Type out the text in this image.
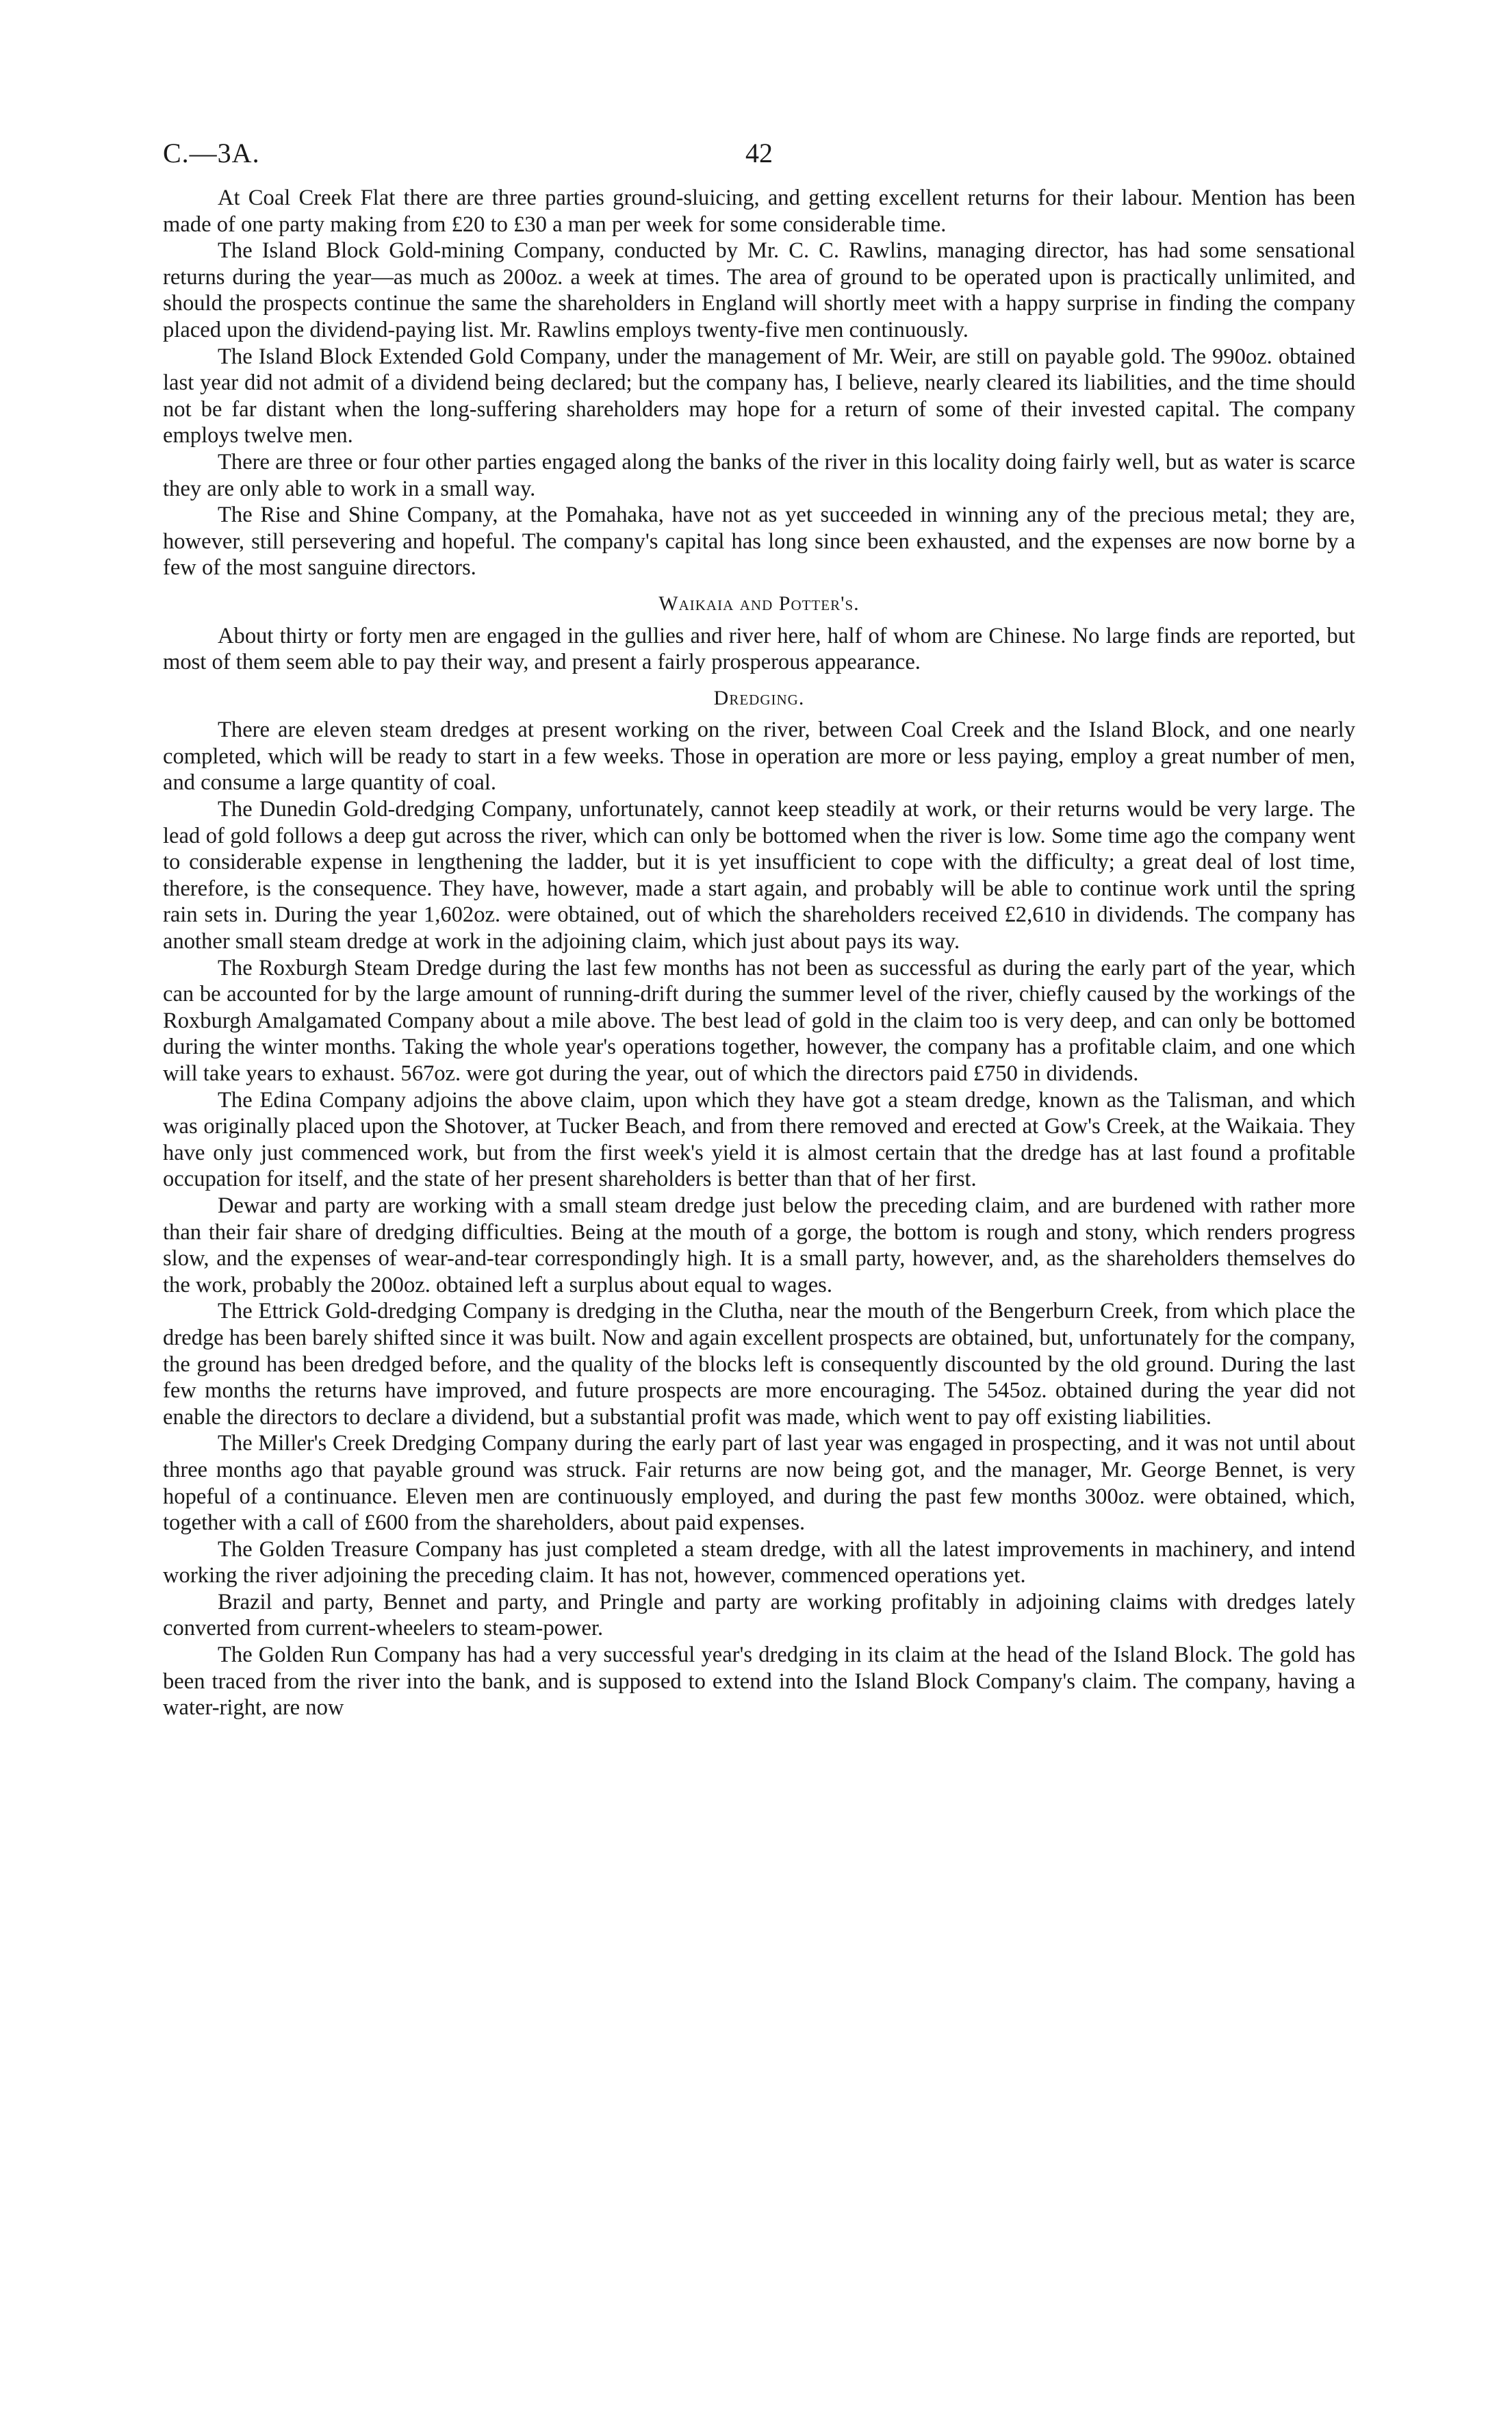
C.—3A.	42

At Coal Creek Flat there are three parties ground-sluicing, and getting excellent returns for their labour. Mention has been made of one party making from £20 to £30 a man per week for some considerable time.

The Island Block Gold-mining Company, conducted by Mr. C. C. Rawlins, managing director, has had some sensational returns during the year—as much as 200oz. a week at times. The area of ground to be operated upon is practically unlimited, and should the prospects continue the same the shareholders in England will shortly meet with a happy surprise in finding the company placed upon the dividend-paying list. Mr. Rawlins employs twenty-five men continuously.

The Island Block Extended Gold Company, under the management of Mr. Weir, are still on payable gold. The 990oz. obtained last year did not admit of a dividend being declared; but the company has, I believe, nearly cleared its liabilities, and the time should not be far distant when the long-suffering shareholders may hope for a return of some of their invested capital. The company employs twelve men.

There are three or four other parties engaged along the banks of the river in this locality doing fairly well, but as water is scarce they are only able to work in a small way.

The Rise and Shine Company, at the Pomahaka, have not as yet succeeded in winning any of the precious metal; they are, however, still persevering and hopeful. The company's capital has long since been exhausted, and the expenses are now borne by a few of the most sanguine directors.

Waikaia and Potter's.

About thirty or forty men are engaged in the gullies and river here, half of whom are Chinese. No large finds are reported, but most of them seem able to pay their way, and present a fairly prosperous appearance.

Dredging.

There are eleven steam dredges at present working on the river, between Coal Creek and the Island Block, and one nearly completed, which will be ready to start in a few weeks. Those in operation are more or less paying, employ a great number of men, and consume a large quantity of coal.

The Dunedin Gold-dredging Company, unfortunately, cannot keep steadily at work, or their returns would be very large. The lead of gold follows a deep gut across the river, which can only be bottomed when the river is low. Some time ago the company went to considerable expense in lengthening the ladder, but it is yet insufficient to cope with the difficulty; a great deal of lost time, therefore, is the consequence. They have, however, made a start again, and probably will be able to continue work until the spring rain sets in. During the year 1,602oz. were obtained, out of which the shareholders received £2,610 in dividends. The company has another small steam dredge at work in the adjoining claim, which just about pays its way.

The Roxburgh Steam Dredge during the last few months has not been as successful as during the early part of the year, which can be accounted for by the large amount of running-drift during the summer level of the river, chiefly caused by the workings of the Roxburgh Amalgamated Company about a mile above. The best lead of gold in the claim too is very deep, and can only be bottomed during the winter months. Taking the whole year's operations together, however, the company has a profitable claim, and one which will take years to exhaust. 567oz. were got during the year, out of which the directors paid £750 in dividends.

The Edina Company adjoins the above claim, upon which they have got a steam dredge, known as the Talisman, and which was originally placed upon the Shotover, at Tucker Beach, and from there removed and erected at Gow's Creek, at the Waikaia. They have only just commenced work, but from the first week's yield it is almost certain that the dredge has at last found a profitable occupation for itself, and the state of her present shareholders is better than that of her first.

Dewar and party are working with a small steam dredge just below the preceding claim, and are burdened with rather more than their fair share of dredging difficulties. Being at the mouth of a gorge, the bottom is rough and stony, which renders progress slow, and the expenses of wear-and-tear correspondingly high. It is a small party, however, and, as the shareholders themselves do the work, probably the 200oz. obtained left a surplus about equal to wages.

The Ettrick Gold-dredging Company is dredging in the Clutha, near the mouth of the Bengerburn Creek, from which place the dredge has been barely shifted since it was built. Now and again excellent prospects are obtained, but, unfortunately for the company, the ground has been dredged before, and the quality of the blocks left is consequently discounted by the old ground. During the last few months the returns have improved, and future prospects are more encouraging. The 545oz. obtained during the year did not enable the directors to declare a dividend, but a substantial profit was made, which went to pay off existing liabilities.

The Miller's Creek Dredging Company during the early part of last year was engaged in prospecting, and it was not until about three months ago that payable ground was struck. Fair returns are now being got, and the manager, Mr. George Bennet, is very hopeful of a continuance. Eleven men are continuously employed, and during the past few months 300oz. were obtained, which, together with a call of £600 from the shareholders, about paid expenses.

The Golden Treasure Company has just completed a steam dredge, with all the latest improvements in machinery, and intend working the river adjoining the preceding claim. It has not, however, commenced operations yet.

Brazil and party, Bennet and party, and Pringle and party are working profitably in adjoining claims with dredges lately converted from current-wheelers to steam-power.

The Golden Run Company has had a very successful year's dredging in its claim at the head of the Island Block. The gold has been traced from the river into the bank, and is supposed to extend into the Island Block Company's claim. The company, having a water-right, are now
